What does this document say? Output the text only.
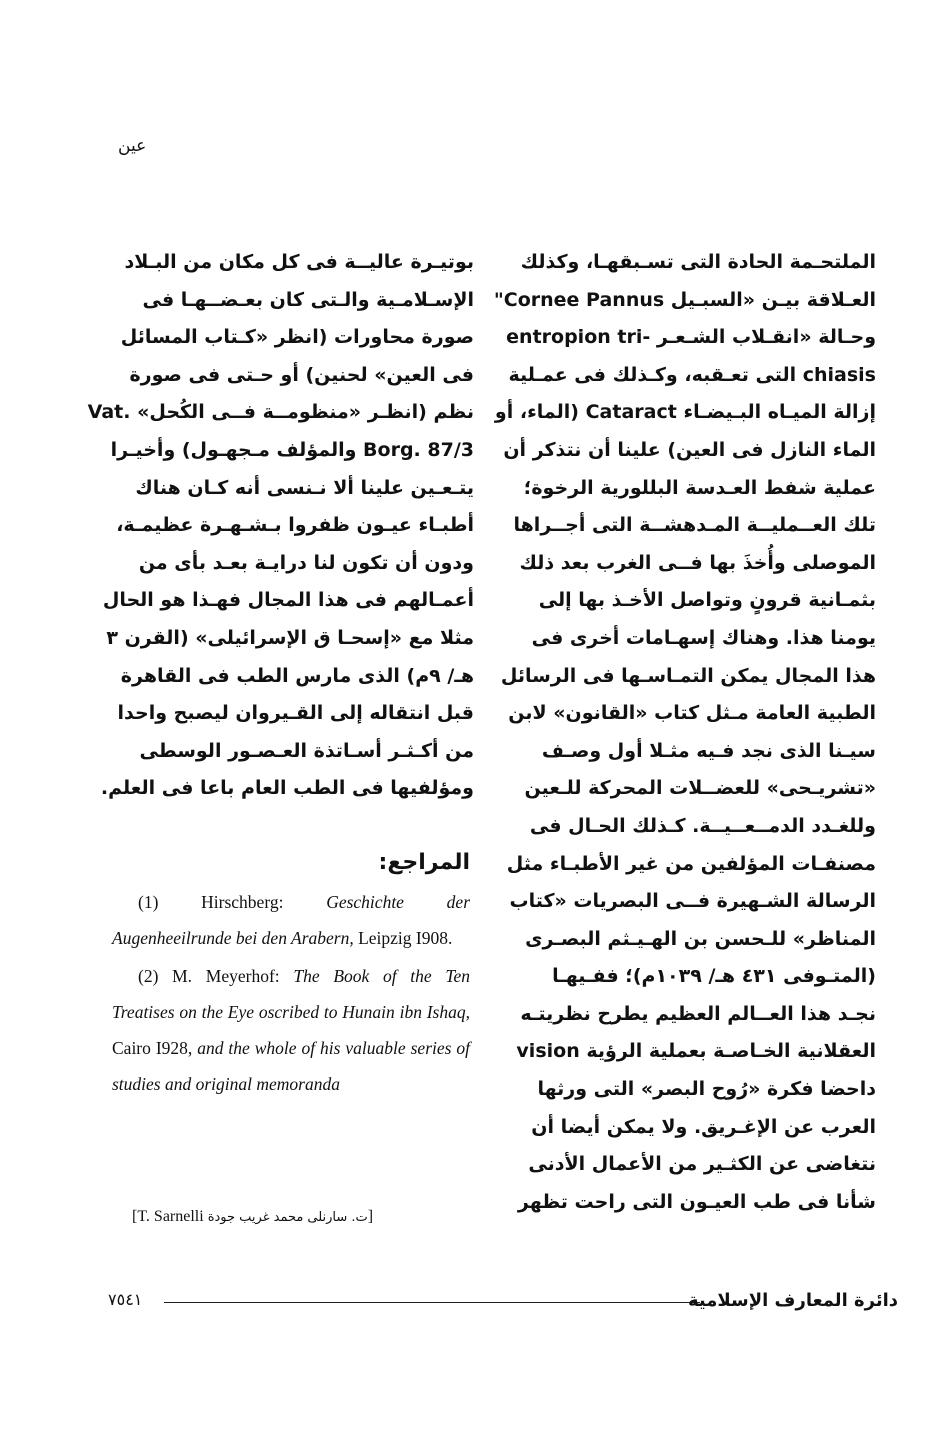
عين
الملتحـمة الحادة التى تسـبقهـا، وكذلك
العـلاقة بيـن «السبـيل Cornee Pannus"
وحـالة «انقـلاب الشـعـر -entropion tri
chiasis التى تعـقبه، وكـذلك فى عمـلية
إزالة الميـاه البـيضـاء Cataract (الماء، أو
الماء النازل فى العين) علينا أن نتذكر أن
عملية شفط العـدسة البللورية الرخوة؛
تلك العــمليــة المـدهشــة التى أجــراها
الموصلى وأُخذَ بها فــى الغرب بعد ذلك
بثمـانية قرونٍ وتواصل الأخـذ بها إلى
يومنا هذا. وهناك إسهـامات أخرى فى
هذا المجال يمكن التمـاسـها فى الرسائل
الطبية العامة مـثل كتاب «القانون» لابن
سيـنا الذى نجد فـيه مثـلا أول وصـف
«تشريـحى» للعضــلات المحركة للـعين
وللغـدد الدمــعــيــة. كـذلك الحـال فى
مصنفـات المؤلفين من غير الأطبـاء مثل
الرسالة الشـهيرة فــى البصريات «كتاب
المناظر» للـحسن بن الهـيـثم البصـرى
(المتـوفى ٤٣١ هـ/ ١٠٣٩م)؛ ففـيهـا
نجـد هذا العــالم العظيم يطرح نظريتـه
العقلانية الخـاصـة بعملية الرؤية vision
داحضا فكرة «رُوح البصر» التى ورثها
العرب عن الإغـريق. ولا يمكن أيضا أن
نتغاضى عن الكثـير من الأعمال الأدنى
شأنا فى طب العيـون التى راحت تظهر
بوتيـرة عاليــة فى كل مكان من البـلاد
الإسـلامـية والـتى كان بعـضــهـا فى
صورة محاورات (انظر «كـتاب المسائل
فى العين» لحنين) أو حـتى فى صورة
نظم (انظـر «منظومــة فــى الكُحل» .Vat
Borg. 87/3 والمؤلف مـجهـول) وأخيـرا
يتـعـين علينا ألا نـنسى أنه كـان هناك
أطبـاء عيـون ظفروا بـشـهـرة عظيمـة،
ودون أن تكون لنا درايـة بعـد بأى من
أعمـالهم فى هذا المجال فهـذا هو الحال
مثلا مع «إسحـا ق الإسرائيلى» (القرن ٣
هـ/ ٩م) الذى مارس الطب فى القاهرة
قبل انتقاله إلى القـيروان ليصبح واحدا
من أكـثـر أسـاتذة العـصـور الوسطى
ومؤلفيها فى الطب العام باعا فى العلم.
المراجع:

(1) Hirschberg: Geschichte der Augenheeilrunde bei den Arabern, Leipzig I908.

(2) M. Meyerhof: The Book of the Ten Treatises on the Eye oscribed to Hunain ibn Ishaq, Cairo I928, and the whole of his valuable series of studies and original memoranda

[T. Sarnelli	ت. سارنلى محمد غريب جودة	]
٧٥٤١	دائرة المعارف الإسلامية
